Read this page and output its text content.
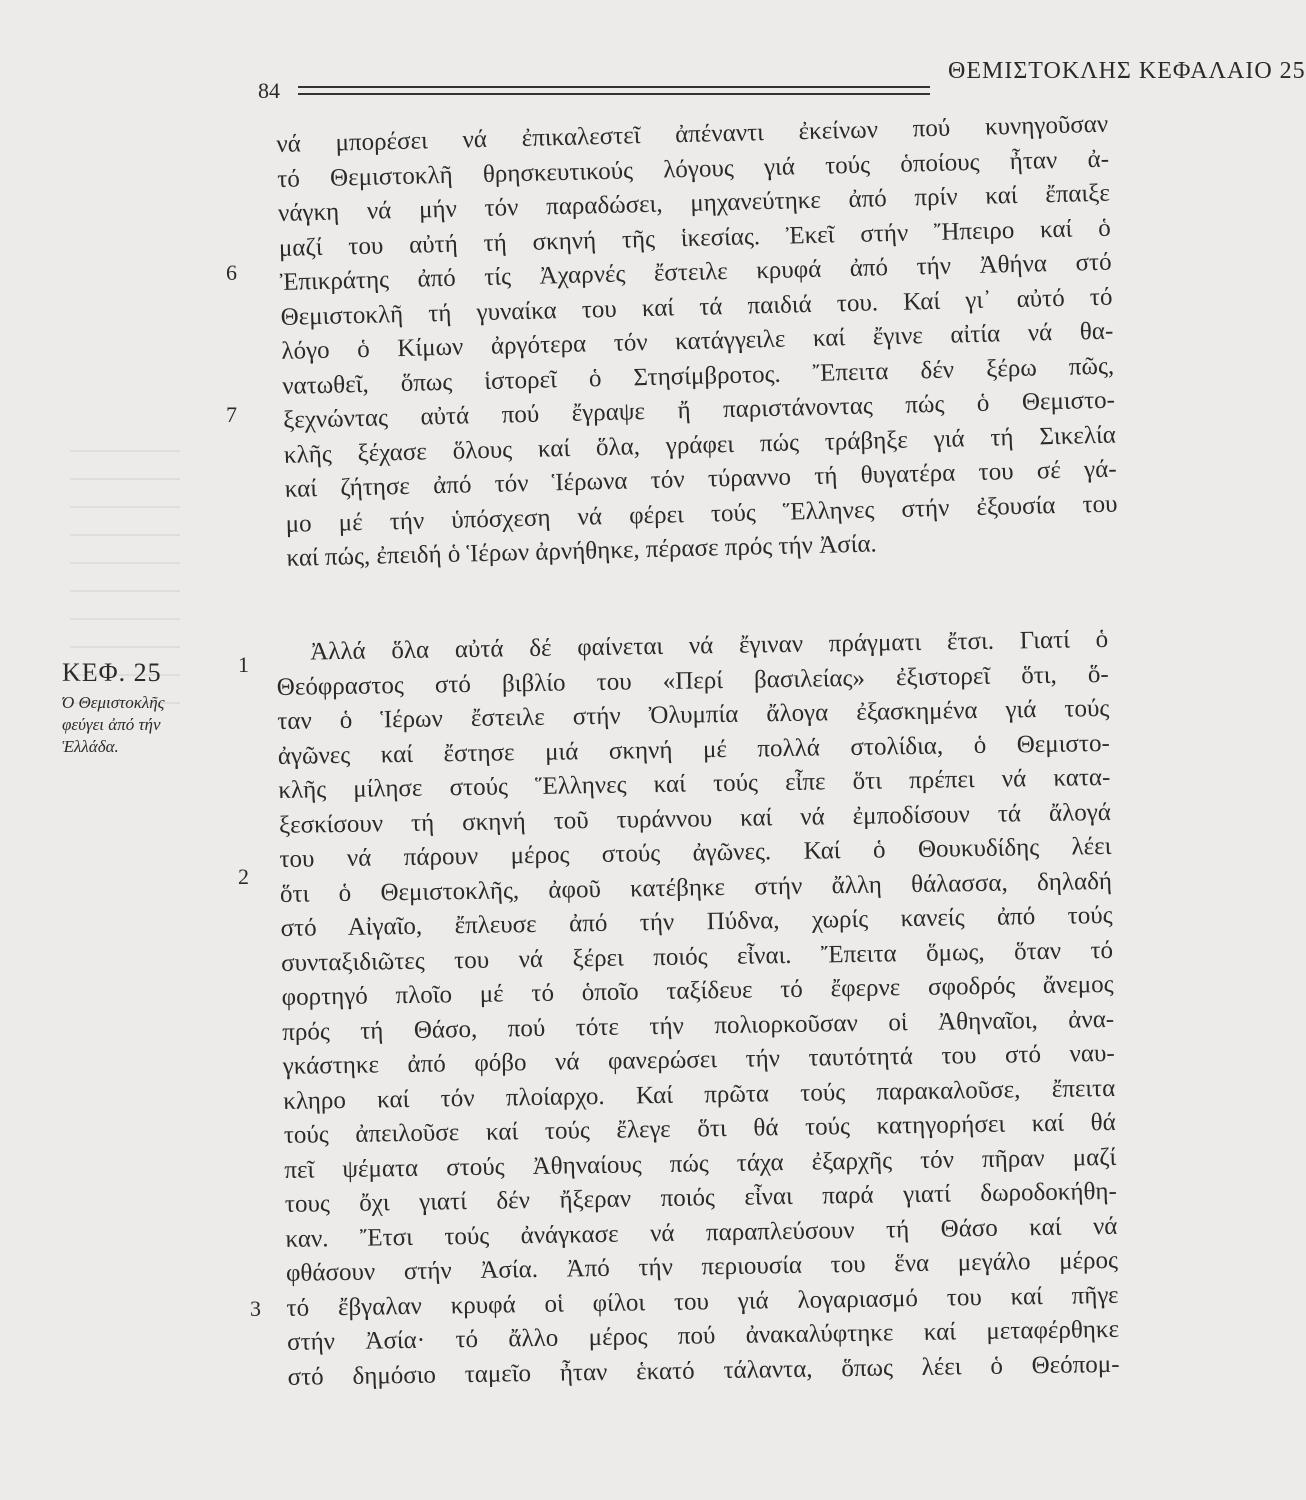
84
ΘΕΜΙΣΤΟΚΛΗΣ ΚΕΦΑΛΑΙΟ 25
6
7
1
2
3
ΚΕΦ. 25
Ό Θεμιστοκλῆς
φεύγει ἀπό τήν
Ἑλλάδα.
νά μπορέσει νά ἐπικαλεστεῖ ἀπέναντι ἐκείνων πού κυνηγοῦσαν
τό Θεμιστοκλῆ θρησκευτικούς λόγους γιά τούς ὁποίους ἦταν ἀ-
νάγκη νά μήν τόν παραδώσει, μηχανεύτηκε ἀπό πρίν καί ἔπαιξε
μαζί του αὐτή τή σκηνή τῆς ἱκεσίας. Ἐκεῖ στήν Ἤπειρο καί ὁ
Ἐπικράτης ἀπό τίς Ἀχαρνές ἔστειλε κρυφά ἀπό τήν Ἀθήνα στό
Θεμιστοκλῆ τή γυναίκα του καί τά παιδιά του. Καί γι᾽ αὐτό τό
λόγο ὁ Κίμων ἀργότερα τόν κατάγγειλε καί ἔγινε αἰτία νά θα-
νατωθεῖ, ὅπως ἱστορεῖ ὁ Στησίμβροτος. Ἔπειτα δέν ξέρω πῶς,
ξεχνώντας αὐτά πού ἔγραψε ἤ παριστάνοντας πώς ὁ Θεμιστο-
κλῆς ξέχασε ὅλους καί ὅλα, γράφει πώς τράβηξε γιά τή Σικελία
καί ζήτησε ἀπό τόν Ἱέρωνα τόν τύραννο τή θυγατέρα του σέ γά-
μο μέ τήν ὑπόσχεση νά φέρει τούς Ἕλληνες στήν ἐξουσία του
καί πώς, ἐπειδή ὁ Ἱέρων ἀρνήθηκε, πέρασε πρός τήν Ἀσία.
Ἀλλά ὅλα αὐτά δέ φαίνεται νά ἔγιναν πράγματι ἔτσι. Γιατί ὁ
Θεόφραστος στό βιβλίο του «Περί βασιλείας» ἐξιστορεῖ ὅτι, ὅ-
ταν ὁ Ἱέρων ἔστειλε στήν Ὀλυμπία ἄλογα ἐξασκημένα γιά τούς
ἀγῶνες καί ἔστησε μιά σκηνή μέ πολλά στολίδια, ὁ Θεμιστο-
κλῆς μίλησε στούς Ἕλληνες καί τούς εἶπε ὅτι πρέπει νά κατα-
ξεσκίσουν τή σκηνή τοῦ τυράννου καί νά ἐμποδίσουν τά ἄλογά
του νά πάρουν μέρος στούς ἀγῶνες. Καί ὁ Θουκυδίδης λέει
ὅτι ὁ Θεμιστοκλῆς, ἀφοῦ κατέβηκε στήν ἄλλη θάλασσα, δηλαδή
στό Αἰγαῖο, ἔπλευσε ἀπό τήν Πύδνα, χωρίς κανείς ἀπό τούς
συνταξιδιῶτες του νά ξέρει ποιός εἶναι. Ἔπειτα ὅμως, ὅταν τό
φορτηγό πλοῖο μέ τό ὁποῖο ταξίδευε τό ἔφερνε σφοδρός ἄνεμος
πρός τή Θάσο, πού τότε τήν πολιορκοῦσαν οἱ Ἀθηναῖοι, ἀνα-
γκάστηκε ἀπό φόβο νά φανερώσει τήν ταυτότητά του στό ναυ-
κληρο καί τόν πλοίαρχο. Καί πρῶτα τούς παρακαλοῦσε, ἔπειτα
τούς ἀπειλοῦσε καί τούς ἔλεγε ὅτι θά τούς κατηγορήσει καί θά
πεῖ ψέματα στούς Ἀθηναίους πώς τάχα ἐξαρχῆς τόν πῆραν μαζί
τους ὄχι γιατί δέν ἤξεραν ποιός εἶναι παρά γιατί δωροδοκήθη-
καν. Ἔτσι τούς ἀνάγκασε νά παραπλεύσουν τή Θάσο καί νά
φθάσουν στήν Ἀσία. Ἀπό τήν περιουσία του ἕνα μεγάλο μέρος
τό ἔβγαλαν κρυφά οἱ φίλοι του γιά λογαριασμό του καί πῆγε
στήν Ἀσία· τό ἄλλο μέρος πού ἀνακαλύφτηκε καί μεταφέρθηκε
στό δημόσιο ταμεῖο ἦταν ἑκατό τάλαντα, ὅπως λέει ὁ Θεόπομ-
